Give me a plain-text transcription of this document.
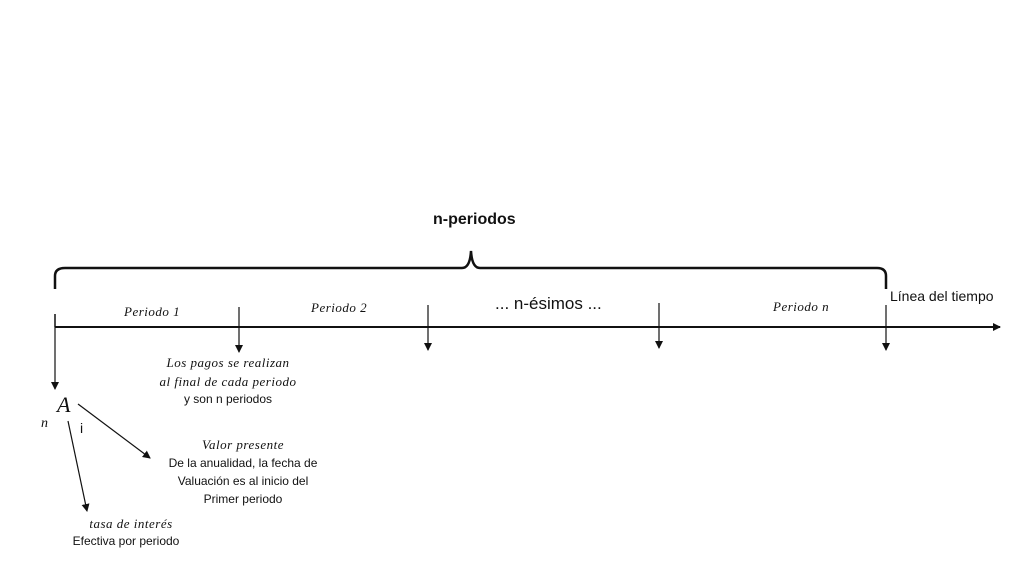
n-periodos
Línea del tiempo
Periodo 1	Periodo 2	... n-ésimos ...	Periodo n
Los pagos se realizan
al final de cada periodo
y son n periodos
A
n i
Valor presente
De la anualidad, la fecha de
Valuación es al inicio del
Primer periodo
tasa de interés
Efectiva por periodo
